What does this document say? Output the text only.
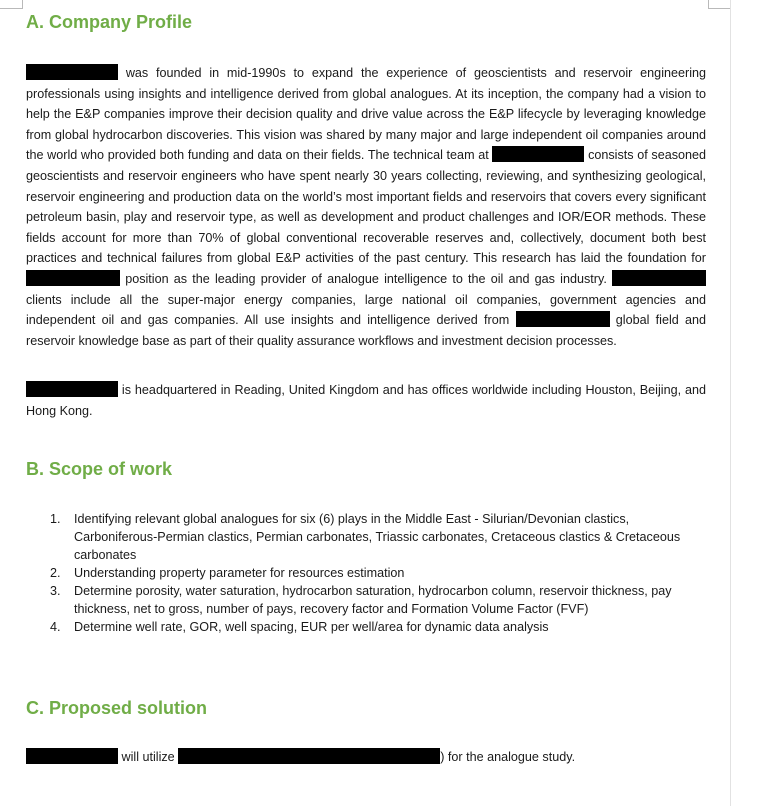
A. Company Profile

was founded in mid-1990s to expand the experience of geoscientists and reservoir engineering professionals using insights and intelligence derived from global analogues. At its inception, the company had a vision to help the E&P companies improve their decision quality and drive value across the E&P lifecycle by leveraging knowledge from global hydrocarbon discoveries. This vision was shared by many major and large independent oil companies around the world who provided both funding and data on their fields. The technical team at	consists of seasoned geoscientists and reservoir engineers who have spent nearly 30 years collecting, reviewing, and synthesizing geological, reservoir engineering and production data on the world’s most important fields and reservoirs that covers every significant petroleum basin, play and reservoir type, as well as development and product challenges and IOR/EOR methods. These fields account for more than 70% of global conventional recoverable reserves and, collectively, document both best practices and technical failures from global E&P activities of the past century. This research has laid the foundation for  position as the leading provider of analogue intelligence to the oil and gas industry.  clients include all the super-major energy companies, large national oil companies, government agencies and independent oil and gas companies. All use insights and intelligence derived from	global field and reservoir knowledge base as part of their quality assurance workflows and investment decision processes.

is headquartered in Reading, United Kingdom and has offices worldwide including Houston, Beijing, and Hong Kong.

B. Scope of work
1. Identifying relevant global analogues for six (6) plays in the Middle East - Silurian/Devonian clastics, Carboniferous-Permian clastics, Permian carbonates, Triassic carbonates, Cretaceous clastics & Cretaceous carbonates
2. Understanding property parameter for resources estimation
3. Determine porosity, water saturation, hydrocarbon saturation, hydrocarbon column, reservoir thickness, pay thickness, net to gross, number of pays, recovery factor and Formation Volume Factor (FVF)
4. Determine well rate, GOR, well spacing, EUR per well/area for dynamic data analysis
C. Proposed solution

will utilize	) for the analogue study.
